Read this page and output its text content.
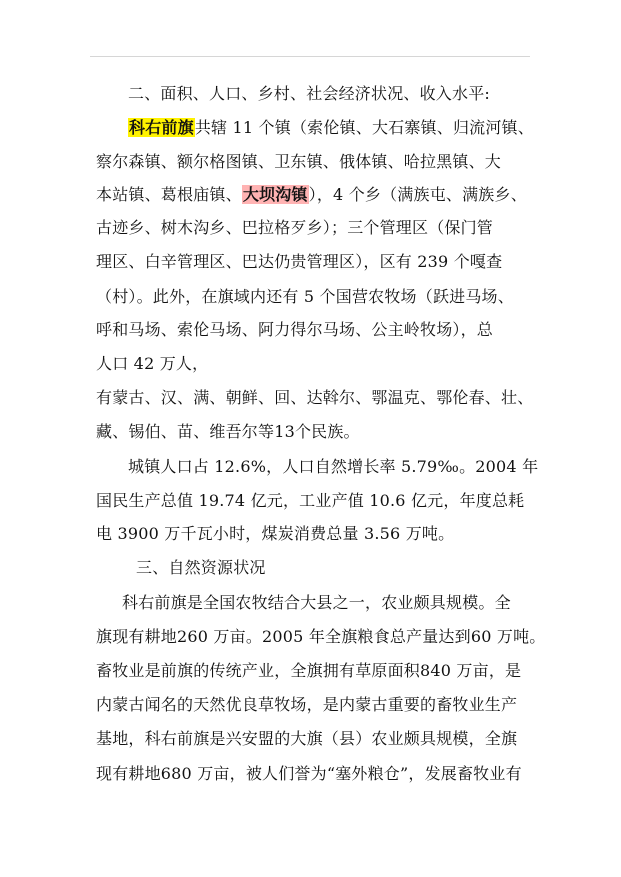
二、面积、人口、乡村、社会经济状况、收入水平:
科右前旗共辖 11 个镇（索伦镇、大石寨镇、归流河镇、
察尔森镇、额尔格图镇、卫东镇、俄体镇、哈拉黑镇、大
本站镇、葛根庙镇、大坝沟镇），4 个乡（满族屯、满族乡、
古迹乡、树木沟乡、巴拉格歹乡）；三个管理区（保门管
理区、白辛管理区、巴达仍贵管理区），区有 239 个嘎查
（村）。此外，在旗域内还有 5 个国营农牧场（跃进马场、
呼和马场、索伦马场、阿力得尔马场、公主岭牧场），总
人口 42 万人，
有蒙古、汉、满、朝鲜、回、达斡尔、鄂温克、鄂伦春、壮、
藏、锡伯、苗、维吾尔等13个民族。
城镇人口占 12.6%，人口自然增长率 5.79‰。2004 年
国民生产总值 19.74 亿元，工业产值 10.6 亿元，年度总耗
电 3900 万千瓦小时，煤炭消费总量 3.56 万吨。
三、自然资源状况
科右前旗是全国农牧结合大县之一，农业颇具规模。全
旗现有耕地260 万亩。2005 年全旗粮食总产量达到60 万吨。
畜牧业是前旗的传统产业，全旗拥有草原面积840 万亩，是
内蒙古闻名的天然优良草牧场，是内蒙古重要的畜牧业生产
基地，科右前旗是兴安盟的大旗（县）农业颇具规模，全旗
现有耕地680 万亩，被人们誉为“塞外粮仓”，发展畜牧业有
